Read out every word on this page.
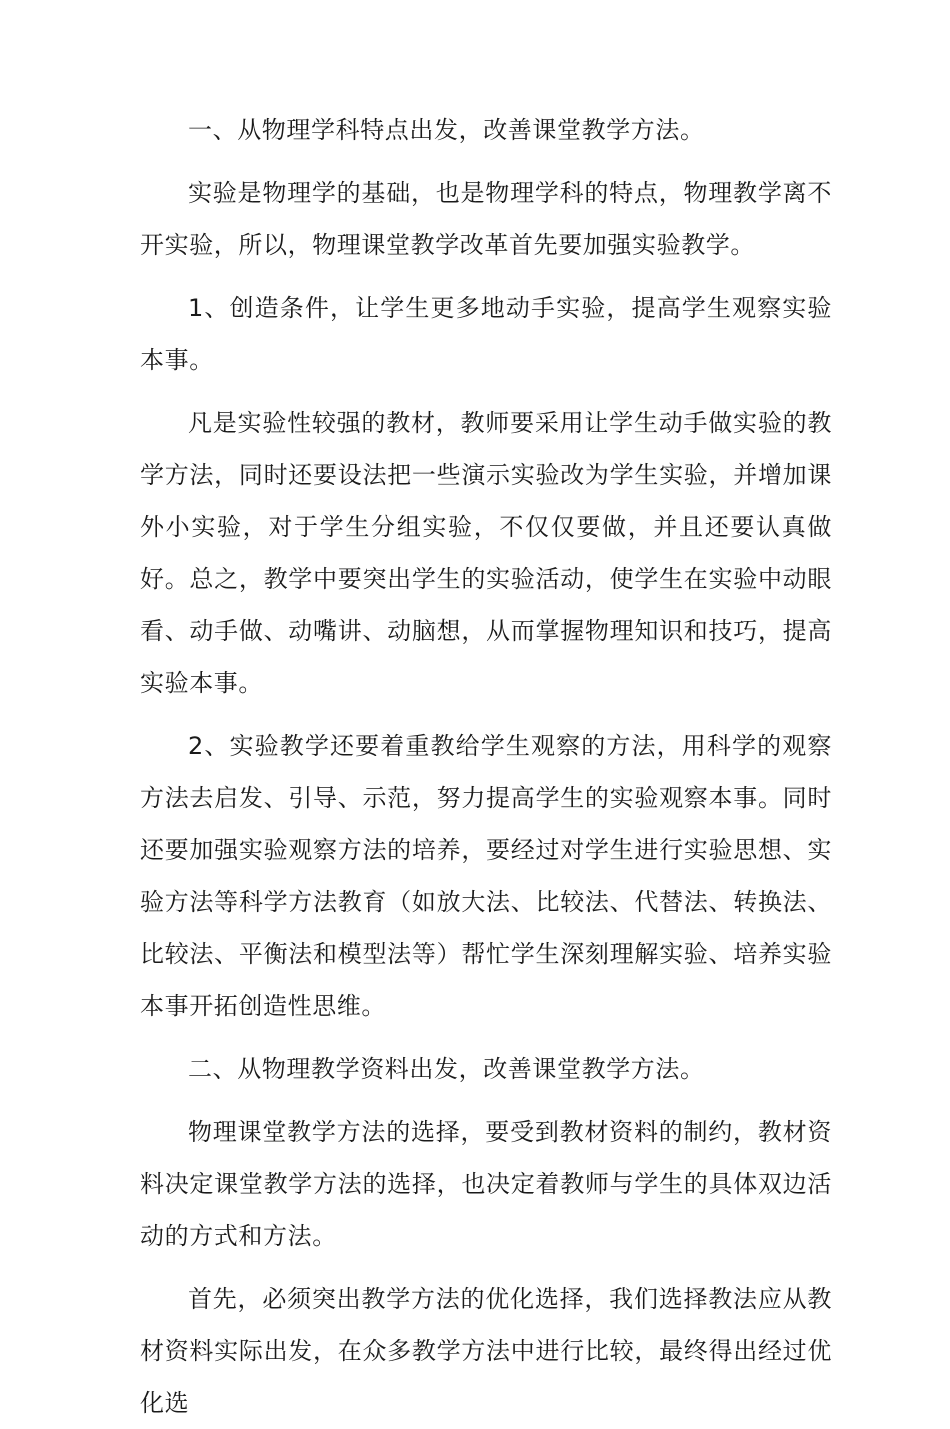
一、从物理学科特点出发，改善课堂教学方法。

实验是物理学的基础，也是物理学科的特点，物理教学离不开实验，所以，物理课堂教学改革首先要加强实验教学。

1、创造条件，让学生更多地动手实验，提高学生观察实验本事。

凡是实验性较强的教材，教师要采用让学生动手做实验的教学方法，同时还要设法把一些演示实验改为学生实验，并增加课外小实验，对于学生分组实验，不仅仅要做，并且还要认真做好。总之，教学中要突出学生的实验活动，使学生在实验中动眼看、动手做、动嘴讲、动脑想，从而掌握物理知识和技巧，提高实验本事。

2、实验教学还要着重教给学生观察的方法，用科学的观察方法去启发、引导、示范，努力提高学生的实验观察本事。同时还要加强实验观察方法的培养，要经过对学生进行实验思想、实验方法等科学方法教育（如放大法、比较法、代替法、转换法、比较法、平衡法和模型法等）帮忙学生深刻理解实验、培养实验本事开拓创造性思维。

二、从物理教学资料出发，改善课堂教学方法。

物理课堂教学方法的选择，要受到教材资料的制约，教材资料决定课堂教学方法的选择，也决定着教师与学生的具体双边活动的方式和方法。

首先，必须突出教学方法的优化选择，我们选择教法应从教材资料实际出发，在众多教学方法中进行比较，最终得出经过优化选
